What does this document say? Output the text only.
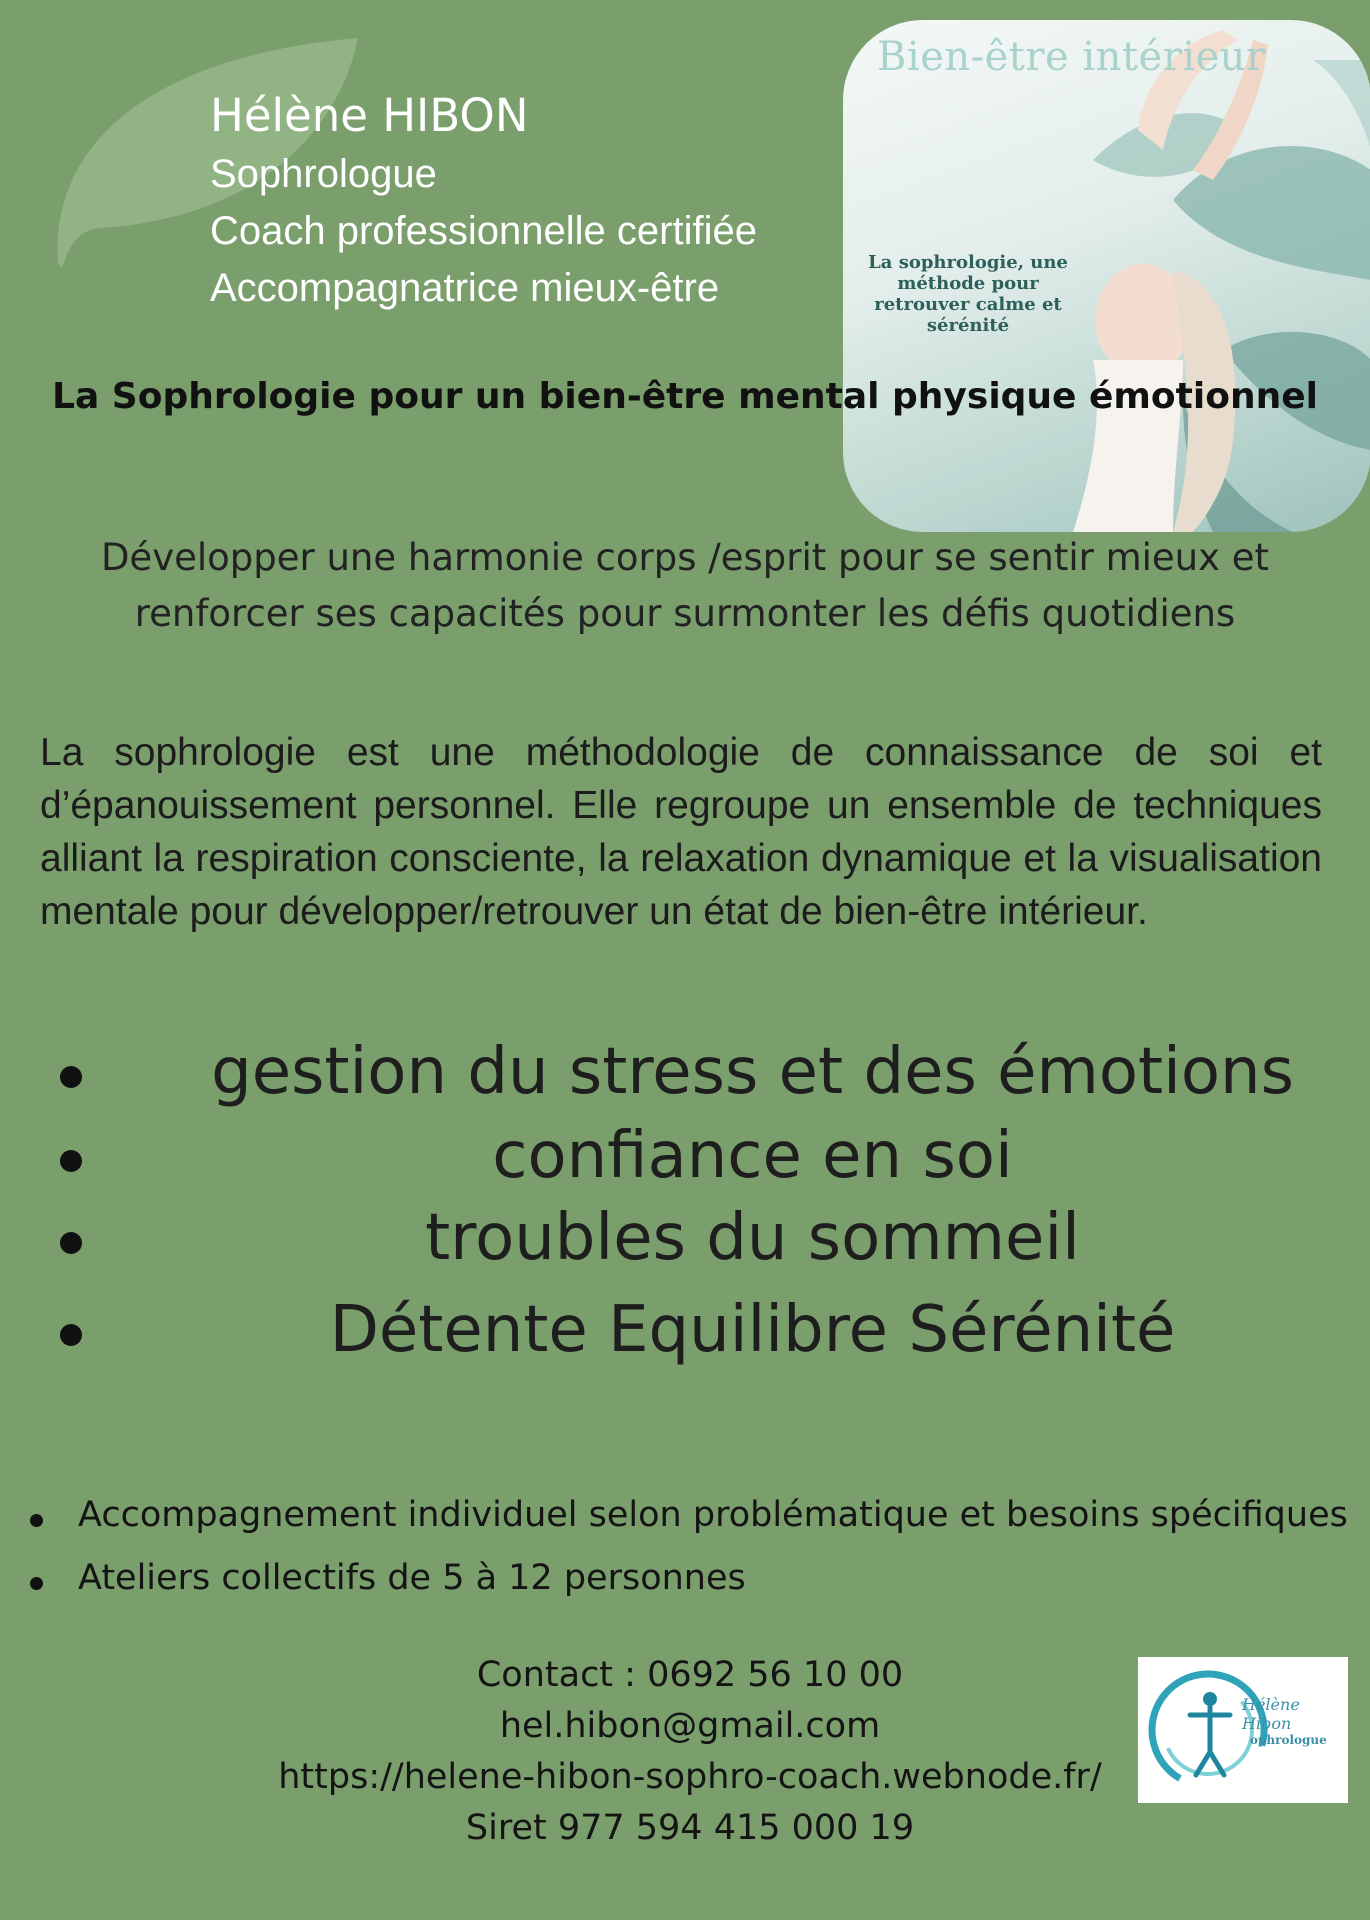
Hélène HIBON
Sophrologue
Coach professionnelle certifiée
Accompagnatrice mieux-être
Bien-être intérieur
La sophrologie, une méthode pour retrouver calme et sérénité
La Sophrologie pour un bien-être mental physique émotionnel
Développer une harmonie corps /esprit pour se sentir mieux et renforcer ses capacités pour surmonter les défis quotidiens
La sophrologie est une méthodologie de connaissance de soi et d’épanouissement personnel. Elle regroupe un ensemble de techniques alliant la respiration consciente, la relaxation dynamique et la visualisation mentale pour développer/retrouver un état de bien-être intérieur.
gestion du stress et des émotions
confiance en soi
troubles du sommeil
Détente Equilibre Sérénité
Accompagnement individuel selon problématique et besoins spécifiques
Ateliers collectifs de 5 à 12 personnes
Contact : 0692 56 10 00
hel.hibon@gmail.com
https://helene-hibon-sophro-coach.webnode.fr/
Siret 977 594 415 000 19
Hélène Hibon
ophrologue
